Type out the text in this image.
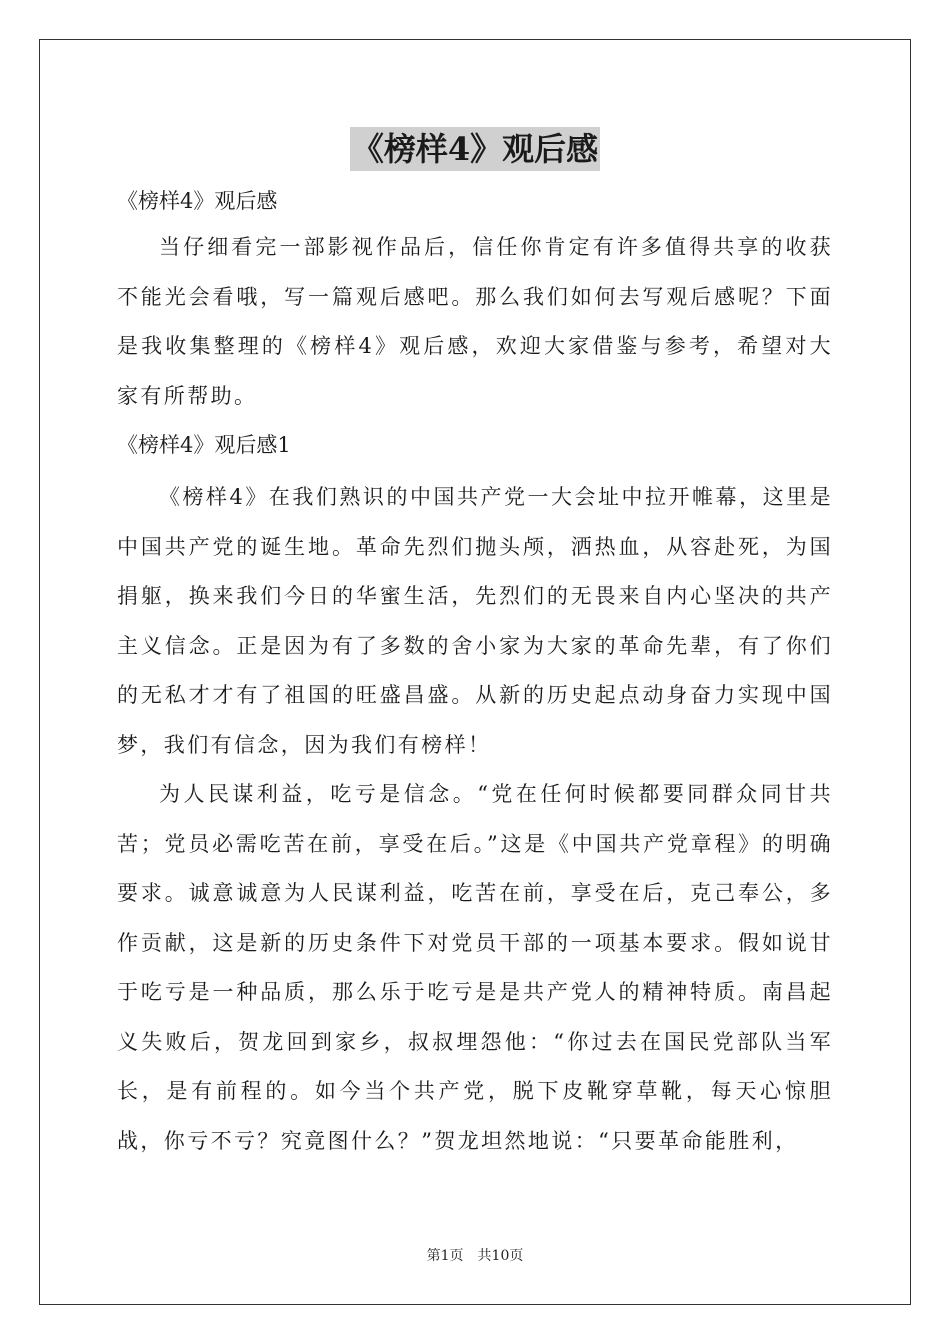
《榜样4》观后感

《榜样4》观后感

当仔细看完一部影视作品后，信任你肯定有许多值得共享的收获不能光会看哦，写一篇观后感吧。那么我们如何去写观后感呢？下面是我收集整理的《榜样4》观后感，欢迎大家借鉴与参考，希望对大家有所帮助。

《榜样4》观后感1

《榜样4》在我们熟识的中国共产党一大会址中拉开帷幕，这里是中国共产党的诞生地。革命先烈们抛头颅，洒热血，从容赴死，为国捐躯，换来我们今日的华蜜生活，先烈们的无畏来自内心坚决的共产主义信念。正是因为有了多数的舍小家为大家的革命先辈，有了你们的无私才才有了祖国的旺盛昌盛。从新的历史起点动身奋力实现中国梦，我们有信念，因为我们有榜样！

为人民谋利益，吃亏是信念。“党在任何时候都要同群众同甘共苦；党员必需吃苦在前，享受在后。”这是《中国共产党章程》的明确要求。诚意诚意为人民谋利益，吃苦在前，享受在后，克己奉公，多作贡献，这是新的历史条件下对党员干部的一项基本要求。假如说甘于吃亏是一种品质，那么乐于吃亏是是共产党人的精神特质。南昌起义失败后，贺龙回到家乡，叔叔埋怨他：“你过去在国民党部队当军长，是有前程的。如今当个共产党，脱下皮靴穿草靴，每天心惊胆战，你亏不亏？究竟图什么？”贺龙坦然地说：“只要革命能胜利，

第1页 共10页
